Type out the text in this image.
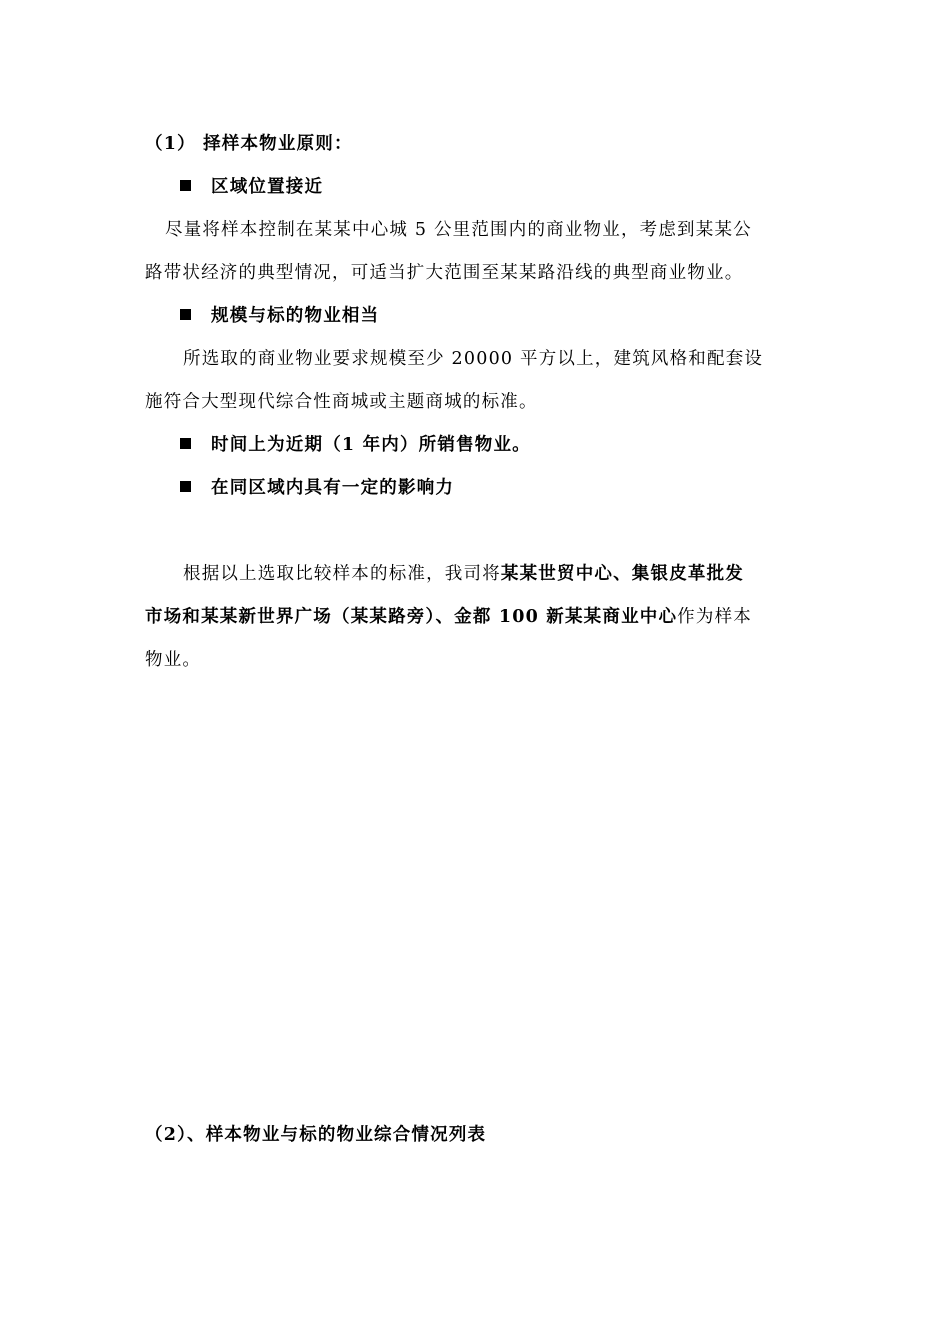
（1） 择样本物业原则：
区域位置接近
尽量将样本控制在某某中心城 5 公里范围内的商业物业，考虑到某某公
路带状经济的典型情况，可适当扩大范围至某某路沿线的典型商业物业。
规模与标的物业相当
所选取的商业物业要求规模至少 20000 平方以上，建筑风格和配套设
施符合大型现代综合性商城或主题商城的标准。
时间上为近期（1 年内）所销售物业。
在同区域内具有一定的影响力
根据以上选取比较样本的标准，我司将某某世贸中心、集银皮革批发
市场和某某新世界广场（某某路旁）、金都 100 新某某商业中心作为样本
物业。
（2）、样本物业与标的物业综合情况列表
